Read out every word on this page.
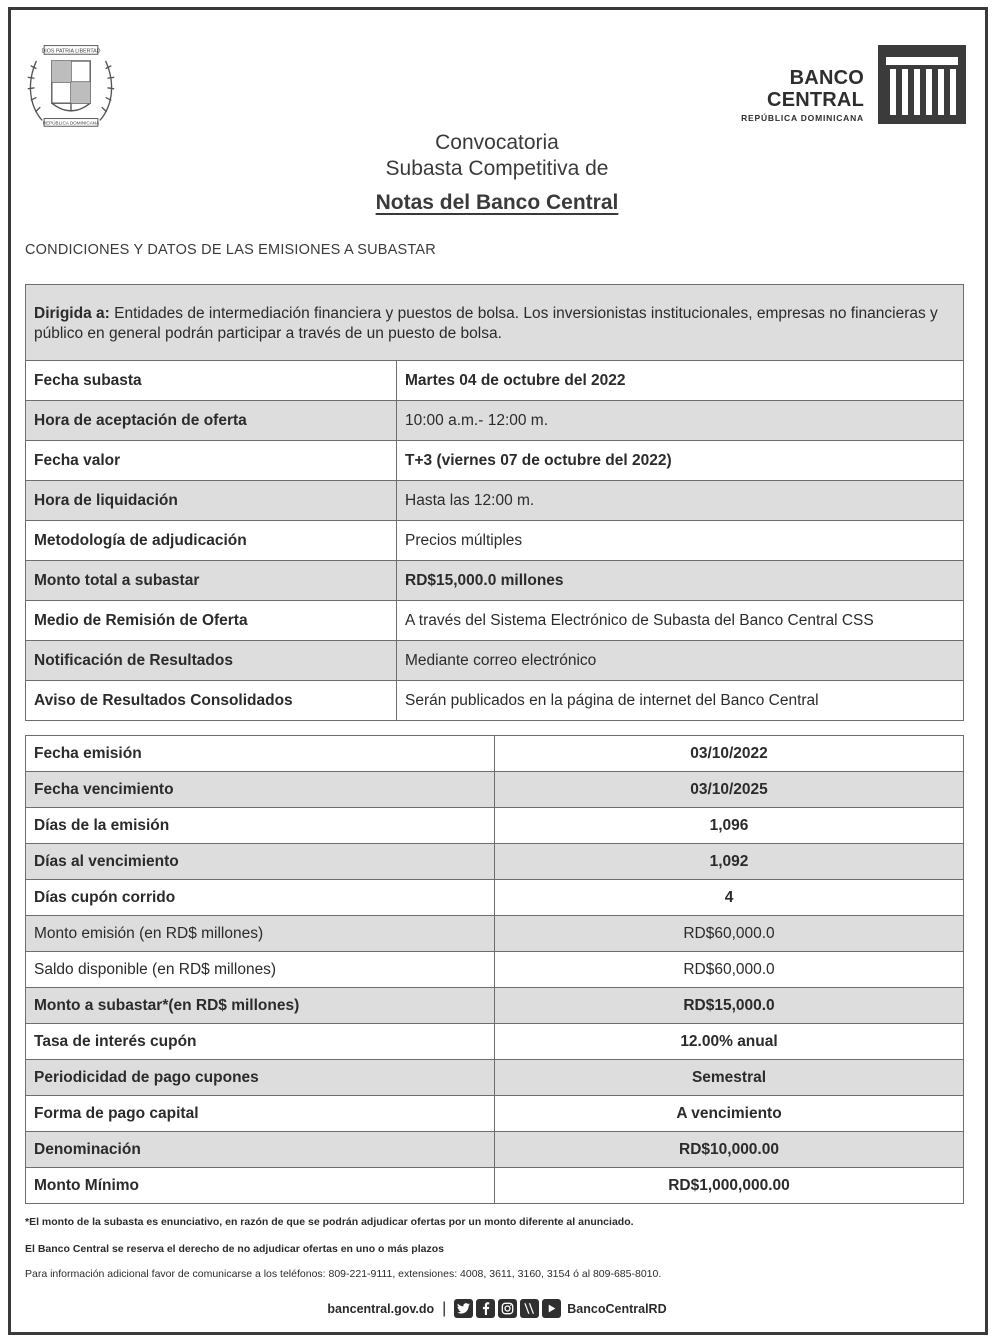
DIOS PATRIA LIBERTAD
REPÚBLICA DOMINICANA
BANCO CENTRAL
REPÚBLICA DOMINICANA
Convocatoria
Subasta Competitiva de
Notas del Banco Central
CONDICIONES Y DATOS DE LAS EMISIONES A SUBASTAR
Dirigida a: Entidades de intermediación financiera y puestos de bolsa. Los inversionistas institucionales, empresas no financieras y público en general podrán participar a través de un puesto de bolsa.	
Fecha subasta	Martes 04 de octubre del 2022
Hora de aceptación de oferta	10:00 a.m.- 12:00 m.
Fecha valor	T+3 (viernes 07 de octubre del 2022)
Hora de liquidación	Hasta las 12:00 m.
Metodología de adjudicación	Precios múltiples
Monto total a subastar	RD$15,000.0 millones
Medio de Remisión de Oferta	A través del Sistema Electrónico de Subasta del Banco Central CSS
Notificación de Resultados	Mediante correo electrónico
Aviso de Resultados Consolidados	Serán publicados en la página de internet del Banco Central
Fecha emisión	03/10/2022
Fecha vencimiento	03/10/2025
Días de la emisión	1,096
Días al vencimiento	1,092
Días cupón corrido	4
Monto emisión (en RD$ millones)	RD$60,000.0
Saldo disponible (en RD$ millones)	RD$60,000.0
Monto a subastar*(en RD$ millones)	RD$15,000.0
Tasa de interés cupón	12.00% anual
Periodicidad de pago cupones	Semestral
Forma de pago capital	A vencimiento
Denominación	RD$10,000.00
Monto Mínimo	RD$1,000,000.00
*El monto de la subasta es enunciativo, en razón de que se podrán adjudicar ofertas por un monto diferente al anunciado.
El Banco Central se reserva el derecho de no adjudicar ofertas en uno o más plazos
Para información adicional favor de comunicarse a los teléfonos: 809-221-9111, extensiones: 4008, 3611, 3160, 3154 ó al 809-685-8010.
bancentral.gov.do |	BancoCentralRD
